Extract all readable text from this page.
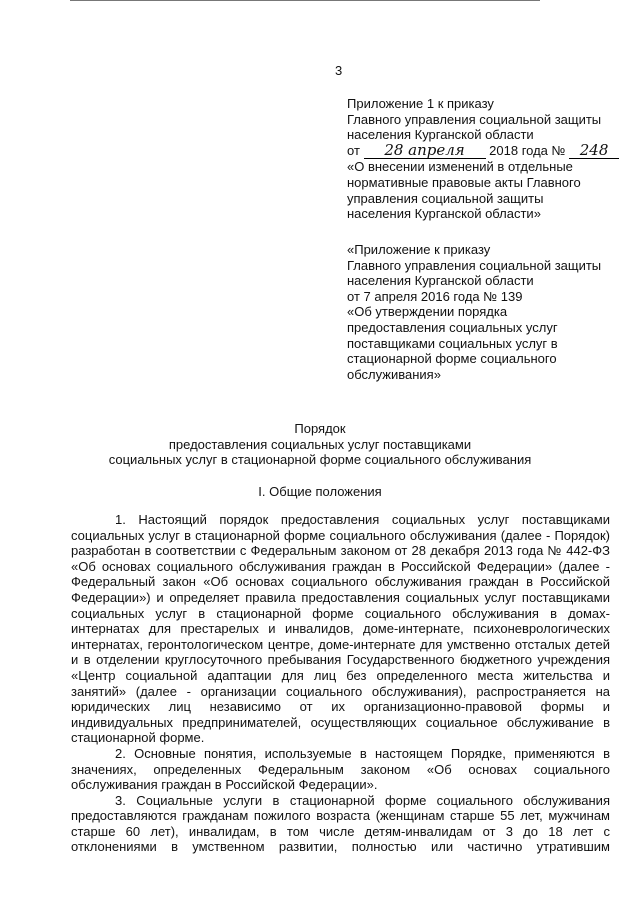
3
Приложение 1 к приказу
Главного управления социальной защиты
населения Курганской области
от 28 апреля 2018 года № 248
«О внесении изменений в отдельные
нормативные правовые акты Главного
управления социальной защиты
населения Курганской области»
«Приложение к приказу
Главного управления социальной защиты
населения Курганской области
от 7 апреля 2016 года № 139
«Об утверждении порядка
предоставления социальных услуг
поставщиками социальных услуг в
стационарной форме социального
обслуживания»
Порядок
предоставления социальных услуг поставщиками
социальных услуг в стационарной форме социального обслуживания
I. Общие положения
1. Настоящий порядок предоставления социальных услуг поставщиками
социальных услуг в стационарной форме социального обслуживания (далее - Порядок)
разработан в соответствии с Федеральным законом от 28 декабря 2013 года № 442-ФЗ
«Об основах социального обслуживания граждан в Российской Федерации» (далее -
Федеральный закон «Об основах социального обслуживания граждан в Российской
Федерации») и определяет правила предоставления социальных услуг поставщиками
социальных услуг в стационарной форме социального обслуживания в домах-
интернатах для престарелых и инвалидов, доме-интернате, психоневрологических
интернатах, геронтологическом центре, доме-интернате для умственно отсталых детей
и в отделении круглосуточного пребывания Государственного бюджетного учреждения
«Центр социальной адаптации для лиц без определенного места жительства и
занятий» (далее - организации социального обслуживания), распространяется на
юридических лиц независимо от их организационно-правовой формы и
индивидуальных предпринимателей, осуществляющих социальное обслуживание в
стационарной форме.
2. Основные понятия, используемые в настоящем Порядке, применяются в
значениях, определенных Федеральным законом «Об основах социального
обслуживания граждан в Российской Федерации».
3. Социальные услуги в стационарной форме социального обслуживания
предоставляются гражданам пожилого возраста (женщинам старше 55 лет, мужчинам
старше 60 лет), инвалидам, в том числе детям-инвалидам от 3 до 18 лет с
отклонениями в умственном развитии, полностью или частично утратившим
